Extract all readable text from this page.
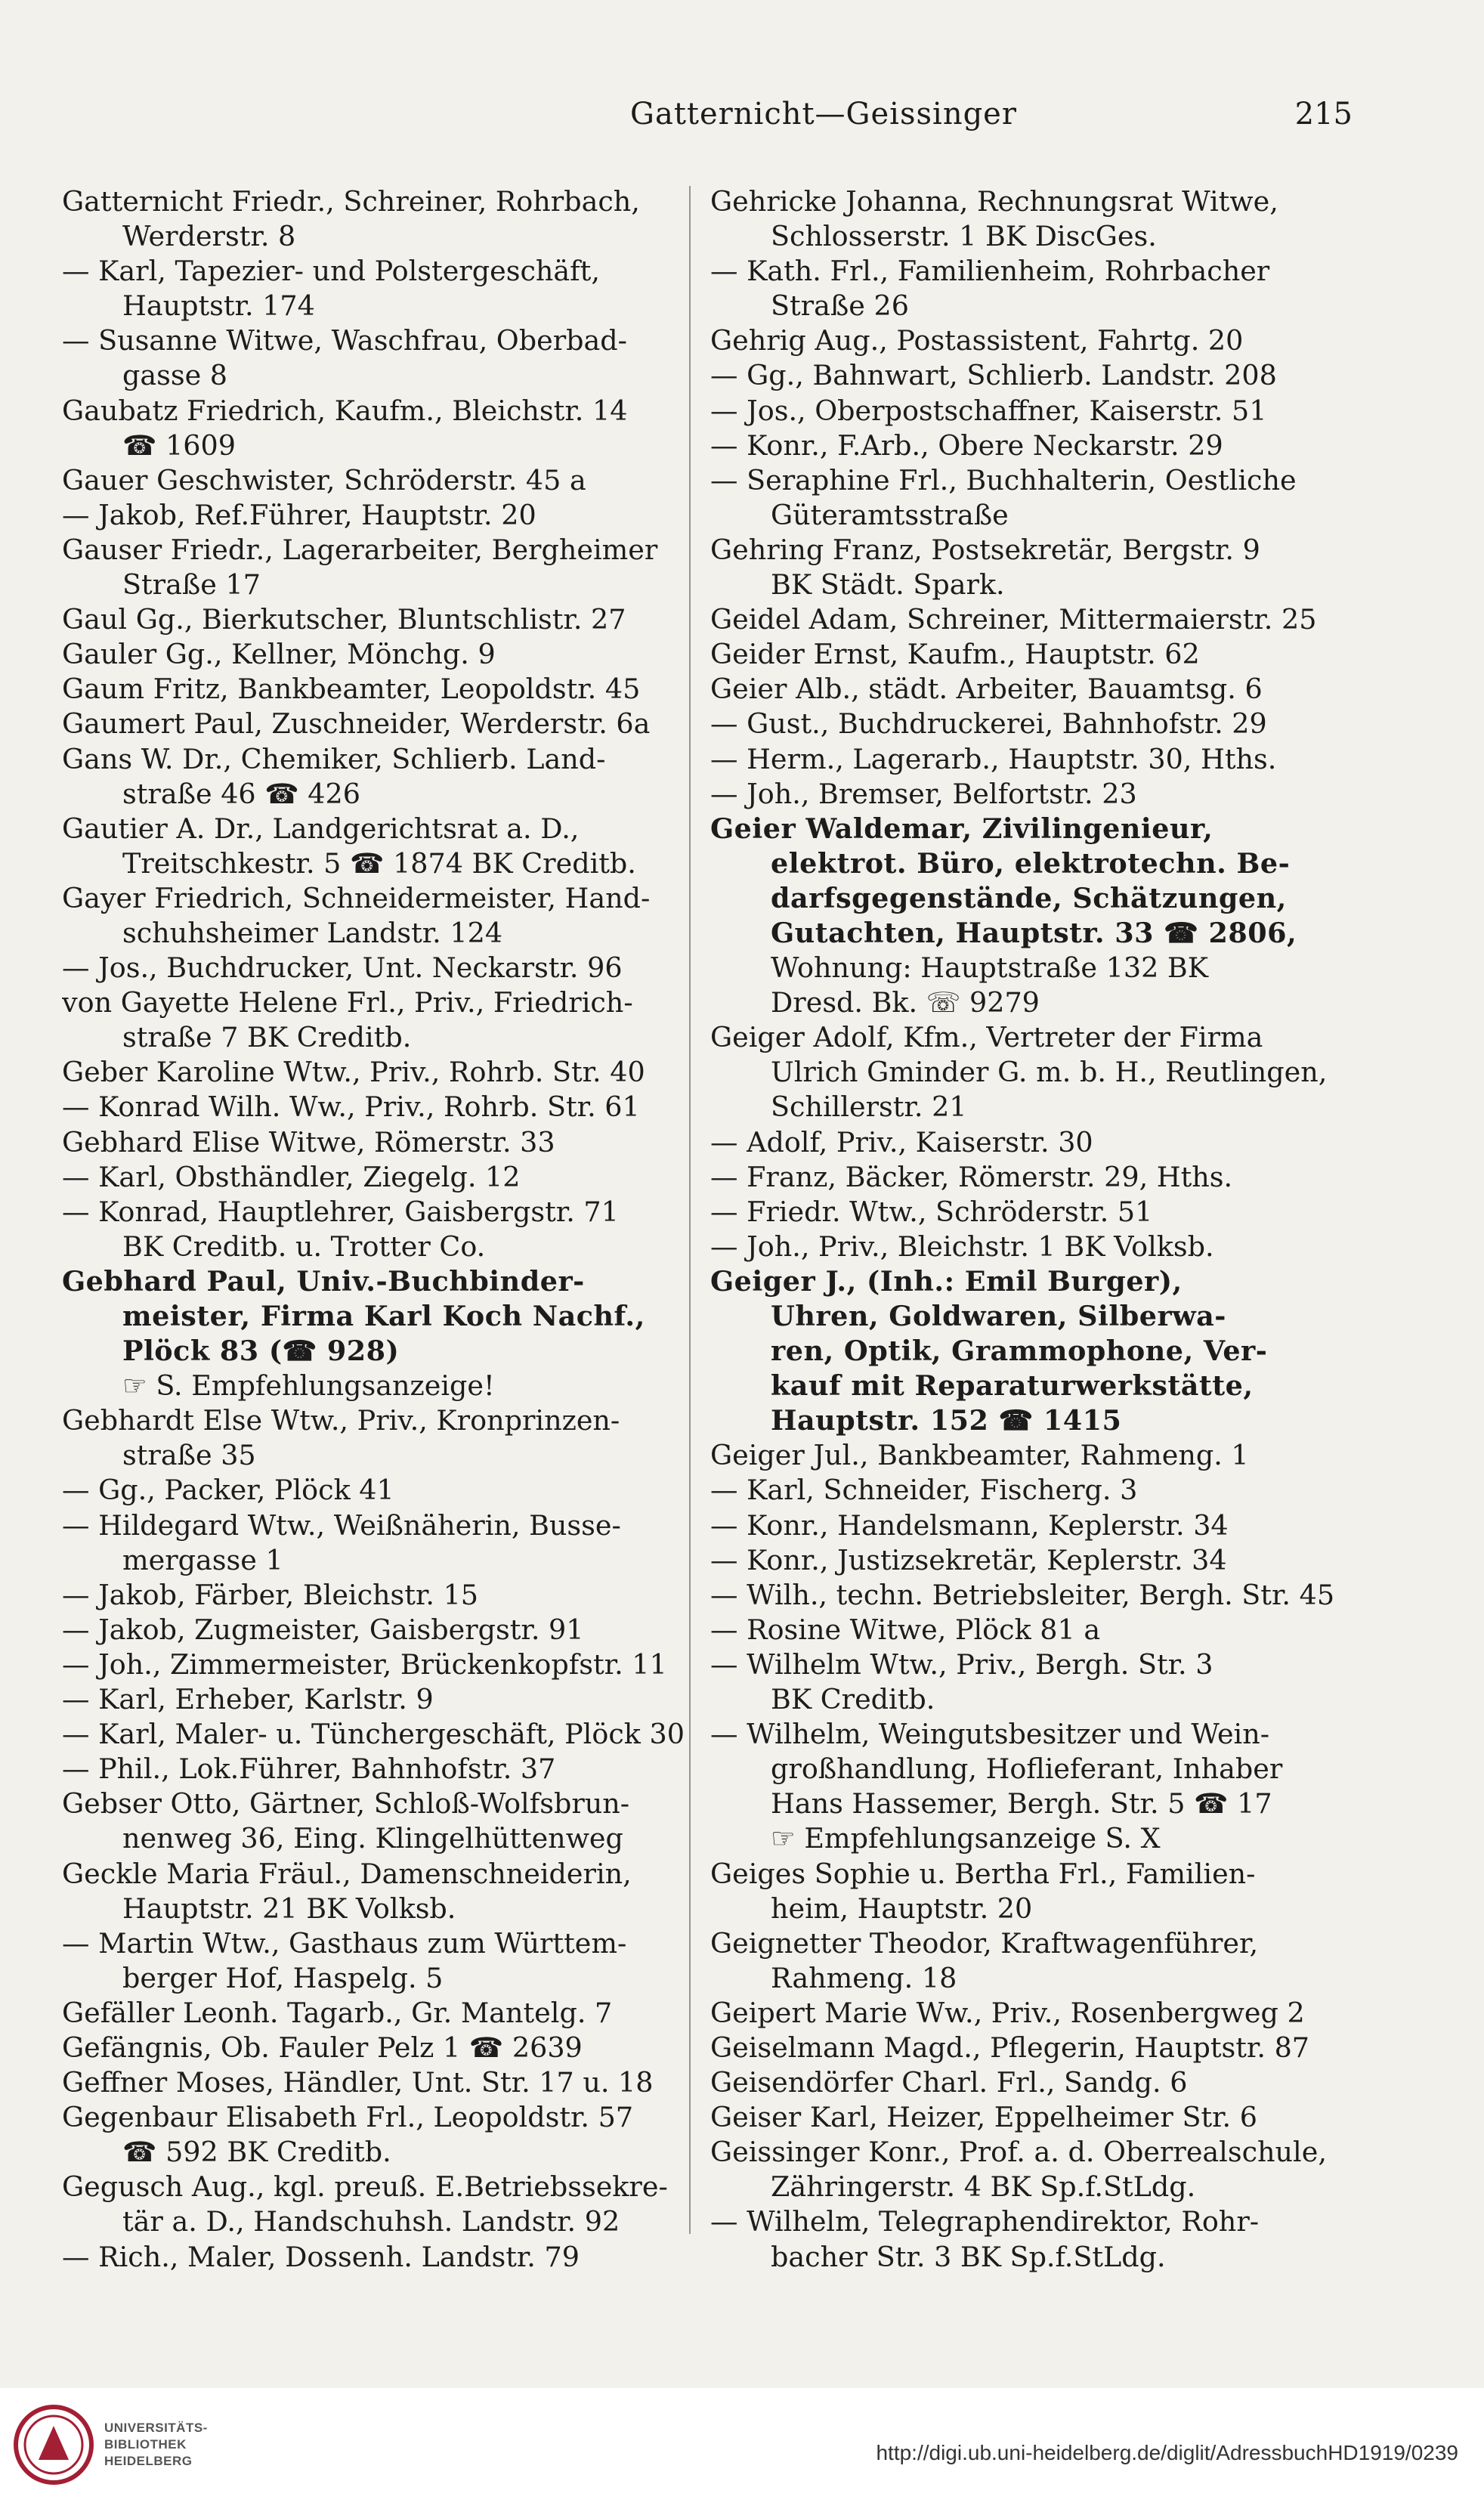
Gatternicht—Geissinger	215

Gatternicht Friedr., Schreiner, Rohrbach,

Werderstr. 8

— Karl, Tapezier- und Polstergeschäft,

Hauptstr. 174

— Susanne Witwe, Waschfrau, Oberbad-

gasse 8

Gaubatz Friedrich, Kaufm., Bleichstr. 14

☎ 1609

Gauer Geschwister, Schröderstr. 45 a

— Jakob, Ref.Führer, Hauptstr. 20

Gauser Friedr., Lagerarbeiter, Bergheimer

Straße 17

Gaul Gg., Bierkutscher, Bluntschlistr. 27

Gauler Gg., Kellner, Mönchg. 9

Gaum Fritz, Bankbeamter, Leopoldstr. 45

Gaumert Paul, Zuschneider, Werderstr. 6a

Gans W. Dr., Chemiker, Schlierb. Land-

straße 46 ☎ 426

Gautier A. Dr., Landgerichtsrat a. D.,

Treitschkestr. 5 ☎ 1874 BK Creditb.

Gayer Friedrich, Schneidermeister, Hand-

schuhsheimer Landstr. 124

— Jos., Buchdrucker, Unt. Neckarstr. 96

von Gayette Helene Frl., Priv., Friedrich-

straße 7 BK Creditb.

Geber Karoline Wtw., Priv., Rohrb. Str. 40

— Konrad Wilh. Ww., Priv., Rohrb. Str. 61

Gebhard Elise Witwe, Römerstr. 33

— Karl, Obsthändler, Ziegelg. 12

— Konrad, Hauptlehrer, Gaisbergstr. 71

BK Creditb. u. Trotter Co.

Gebhard Paul, Univ.-Buchbinder-

meister, Firma Karl Koch Nachf.,

Plöck 83 (☎ 928)

☞ S. Empfehlungsanzeige!

Gebhardt Else Wtw., Priv., Kronprinzen-

straße 35

— Gg., Packer, Plöck 41

— Hildegard Wtw., Weißnäherin, Busse-

mergasse 1

— Jakob, Färber, Bleichstr. 15

— Jakob, Zugmeister, Gaisbergstr. 91

— Joh., Zimmermeister, Brückenkopfstr. 11

— Karl, Erheber, Karlstr. 9

— Karl, Maler- u. Tünchergeschäft, Plöck 30

— Phil., Lok.Führer, Bahnhofstr. 37

Gebser Otto, Gärtner, Schloß-Wolfsbrun-

nenweg 36, Eing. Klingelhüttenweg

Geckle Maria Fräul., Damenschneiderin,

Hauptstr. 21 BK Volksb.

— Martin Wtw., Gasthaus zum Württem-

berger Hof, Haspelg. 5

Gefäller Leonh. Tagarb., Gr. Mantelg. 7

Gefängnis, Ob. Fauler Pelz 1 ☎ 2639

Geffner Moses, Händler, Unt. Str. 17 u. 18

Gegenbaur Elisabeth Frl., Leopoldstr. 57

☎ 592 BK Creditb.

Gegusch Aug., kgl. preuß. E.Betriebssekre-

tär a. D., Handschuhsh. Landstr. 92

— Rich., Maler, Dossenh. Landstr. 79

Gehricke Johanna, Rechnungsrat Witwe,

Schlosserstr. 1 BK DiscGes.

— Kath. Frl., Familienheim, Rohrbacher

Straße 26

Gehrig Aug., Postassistent, Fahrtg. 20

— Gg., Bahnwart, Schlierb. Landstr. 208

— Jos., Oberpostschaffner, Kaiserstr. 51

— Konr., F.Arb., Obere Neckarstr. 29

— Seraphine Frl., Buchhalterin, Oestliche

Güteramtsstraße

Gehring Franz, Postsekretär, Bergstr. 9

BK Städt. Spark.

Geidel Adam, Schreiner, Mittermaierstr. 25

Geider Ernst, Kaufm., Hauptstr. 62

Geier Alb., städt. Arbeiter, Bauamtsg. 6

— Gust., Buchdruckerei, Bahnhofstr. 29

— Herm., Lagerarb., Hauptstr. 30, Hths.

— Joh., Bremser, Belfortstr. 23

Geier Waldemar, Zivilingenieur,

elektrot. Büro, elektrotechn. Be-

darfsgegenstände, Schätzungen,

Gutachten, Hauptstr. 33 ☎ 2806,

Wohnung: Hauptstraße 132 BK

Dresd. Bk. ☏ 9279

Geiger Adolf, Kfm., Vertreter der Firma

Ulrich Gminder G. m. b. H., Reutlingen,

Schillerstr. 21

— Adolf, Priv., Kaiserstr. 30

— Franz, Bäcker, Römerstr. 29, Hths.

— Friedr. Wtw., Schröderstr. 51

— Joh., Priv., Bleichstr. 1 BK Volksb.

Geiger J., (Inh.: Emil Burger),

Uhren, Goldwaren, Silberwa-

ren, Optik, Grammophone, Ver-

kauf mit Reparaturwerkstätte,

Hauptstr. 152 ☎ 1415

Geiger Jul., Bankbeamter, Rahmeng. 1

— Karl, Schneider, Fischerg. 3

— Konr., Handelsmann, Keplerstr. 34

— Konr., Justizsekretär, Keplerstr. 34

— Wilh., techn. Betriebsleiter, Bergh. Str. 45

— Rosine Witwe, Plöck 81 a

— Wilhelm Wtw., Priv., Bergh. Str. 3

BK Creditb.

— Wilhelm, Weingutsbesitzer und Wein-

großhandlung, Hoflieferant, Inhaber

Hans Hassemer, Bergh. Str. 5 ☎ 17

☞ Empfehlungsanzeige S. X

Geiges Sophie u. Bertha Frl., Familien-

heim, Hauptstr. 20

Geignetter Theodor, Kraftwagenführer,

Rahmeng. 18

Geipert Marie Ww., Priv., Rosenbergweg 2

Geiselmann Magd., Pflegerin, Hauptstr. 87

Geisendörfer Charl. Frl., Sandg. 6

Geiser Karl, Heizer, Eppelheimer Str. 6

Geissinger Konr., Prof. a. d. Oberrealschule,

Zähringerstr. 4 BK Sp.f.StLdg.

— Wilhelm, Telegraphendirektor, Rohr-

bacher Str. 3 BK Sp.f.StLdg.

UNIVERSITÄTS-
BIBLIOTHEK
HEIDELBERG	http://digi.ub.uni-heidelberg.de/diglit/AdressbuchHD1919/0239
